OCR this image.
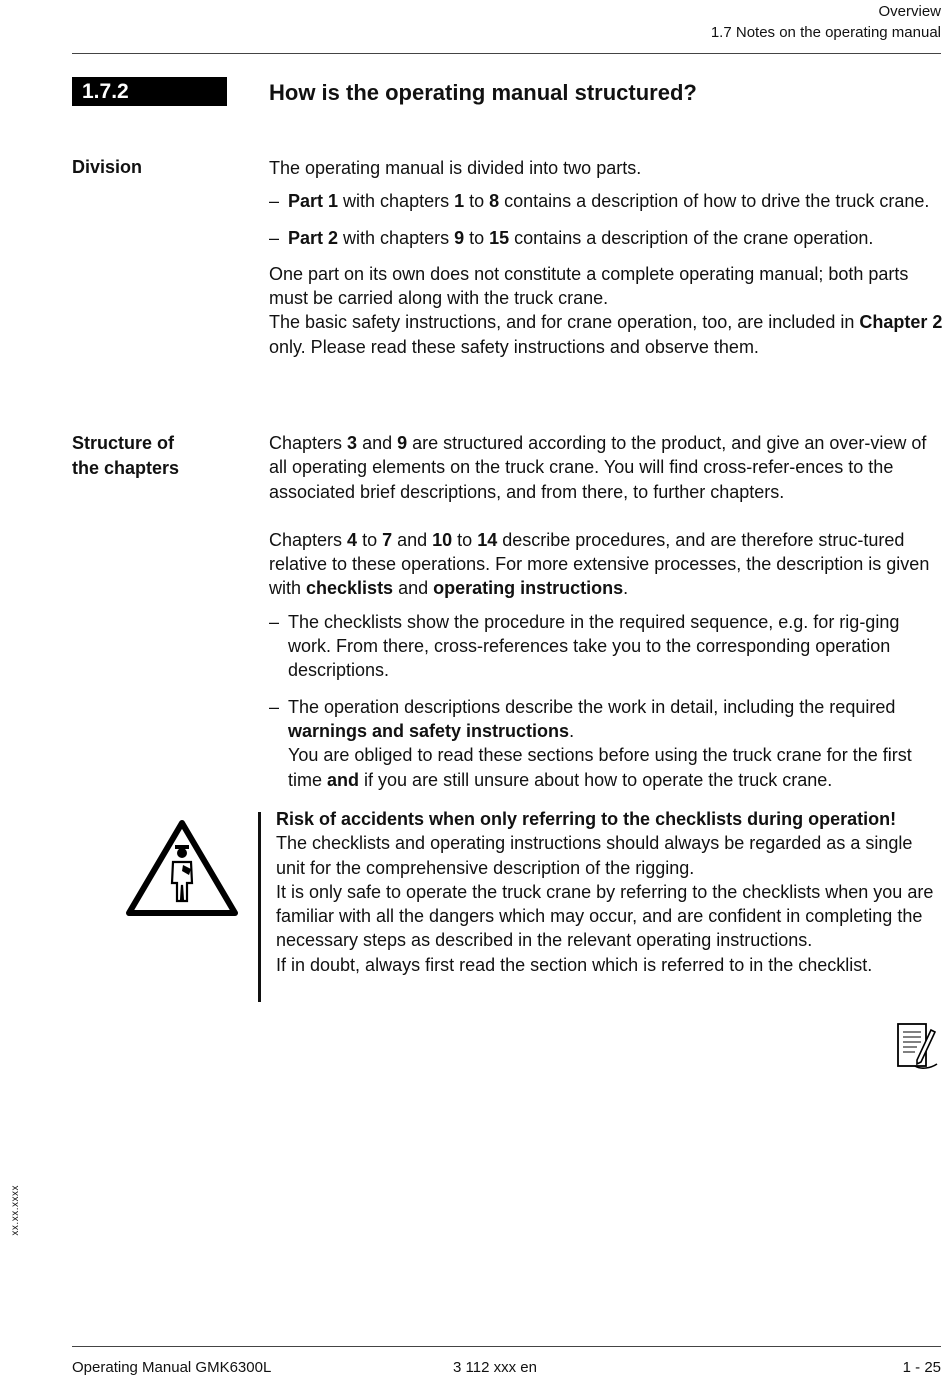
Overview
1.7 Notes on the operating manual
1.7.2	How is the operating manual structured?
Division	The operating manual is divided into two parts.

– Part 1 with chapters 1 to 8 contains a description of how to drive the truck crane.

– Part 2 with chapters 9 to 15 contains a description of the crane operation.

One part on its own does not constitute a complete operating manual; both parts must be carried along with the truck crane.

The basic safety instructions, and for crane operation, too, are included in Chapter 2 only. Please read these safety instructions and observe them.

Structure of
the chapters

Chapters 3 and 9 are structured according to the product, and give an over-view of all operating elements on the truck crane. You will find cross-refer-ences to the associated brief descriptions, and from there, to further chapters.

Chapters 4 to 7 and 10 to 14 describe procedures, and are therefore struc-tured relative to these operations. For more extensive processes, the description is given with checklists and operating instructions.

– The checklists show the procedure in the required sequence, e.g. for rig-ging work. From there, cross-references take you to the corresponding operation descriptions.

– The operation descriptions describe the work in detail, including the required warnings and safety instructions.
You are obliged to read these sections before using the truck crane for the first time and if you are still unsure about how to operate the truck crane.

Risk of accidents when only referring to the checklists during operation!

The checklists and operating instructions should always be regarded as a single unit for the comprehensive description of the rigging.

It is only safe to operate the truck crane by referring to the checklists when you are familiar with all the dangers which may occur, and are confident in completing the necessary steps as described in the relevant operating instructions.

If in doubt, always first read the section which is referred to in the checklist.

xx.xx.xxxx
Operating Manual GMK6300L	3 112 xxx en	1 - 25
